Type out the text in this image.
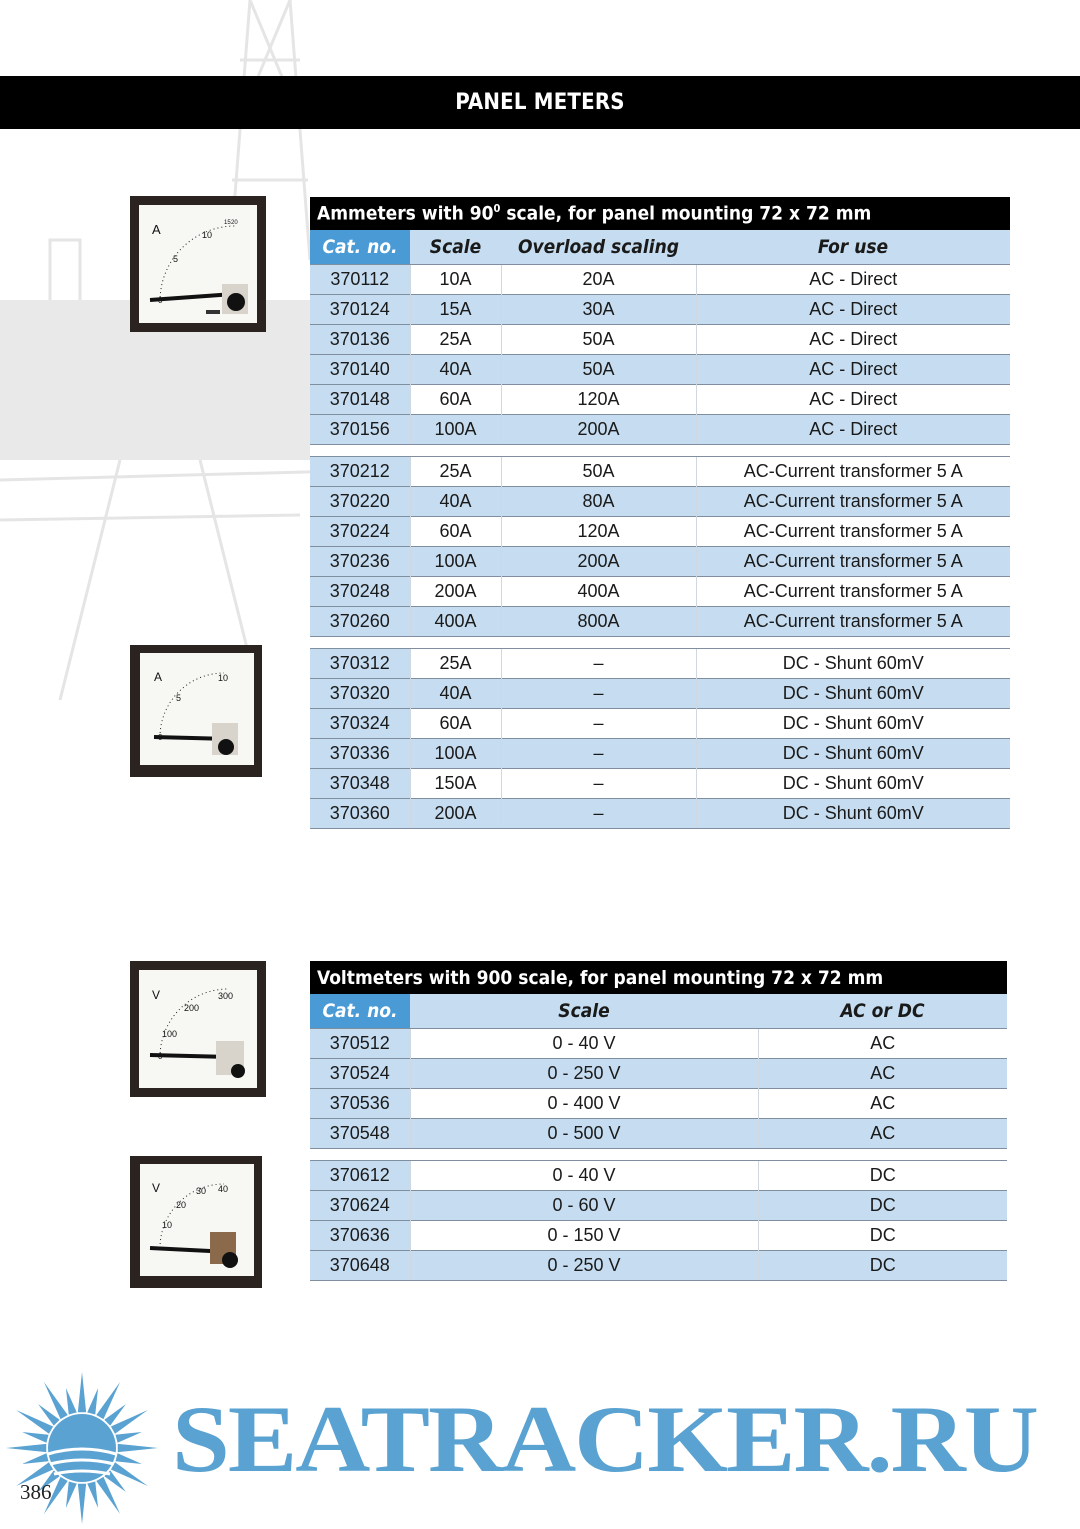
PANEL METERS
A
5
10
15 20
A
5
10
V
100
200
300
V
10
20
30 40
Ammeters with $90^0$ scale, for panel mounting 72 x 72 mm			
Cat. no.	Scale	Overload scaling	For use
370112	10A	20A	AC - Direct
370124	15A	30A	AC - Direct
370136	25A	50A	AC - Direct
370140	40A	50A	AC - Direct
370148	60A	120A	AC - Direct
370156	100A	200A	AC - Direct

370212	25A	50A	AC-Current transformer 5 A
370220	40A	80A	AC-Current transformer 5 A
370224	60A	120A	AC-Current transformer 5 A
370236	100A	200A	AC-Current transformer 5 A
370248	200A	400A	AC-Current transformer 5 A
370260	400A	800A	AC-Current transformer 5 A

370312	25A	–	DC - Shunt 60mV
370320	40A	–	DC - Shunt 60mV
370324	60A	–	DC - Shunt 60mV
370336	100A	–	DC - Shunt 60mV
370348	150A	–	DC - Shunt 60mV
370360	200A	–	DC - Shunt 60mV
Voltmeters with 900 scale, for panel mounting 72 x 72 mm		
Cat. no.	Scale	AC or DC
370512	0 - 40 V	AC
370524	0 - 250 V	AC
370536	0 - 400 V	AC
370548	0 - 500 V	AC

370612	0 - 40 V	DC
370624	0 - 60 V	DC
370636	0 - 150 V	DC
370648	0 - 250 V	DC
SEATRACKER.RU
386
